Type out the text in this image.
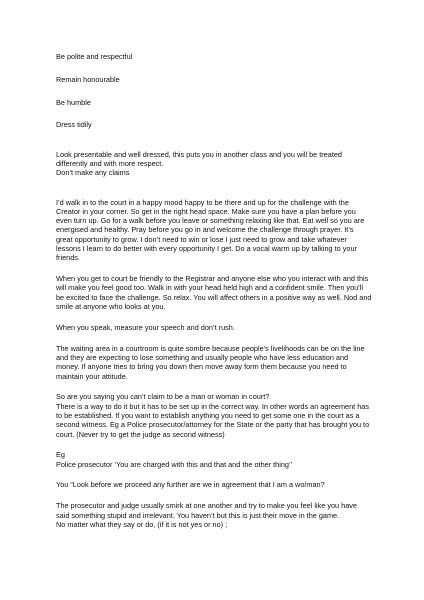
Be polite and respectful

Remain honourable

Be humble

Dress tidily

Look presentable and well dressed, this puts you in another class and you will be treated differently and with more respect.

Don’t make any claims

I’d walk in to the court in a happy mood happy to be there and up for the challenge with the Creator in your corner. So get in the right head space. Make sure you have a plan before you even turn up. Go for a walk before you leave or something relaxing like that. Eat well so you are energised and healthy. Pray before you go in and welcome the challenge through prayer. It’s great opportunity to grow. I don’t need to win or lose I just need to grow and take whatever lessons I learn to do better with every opportunity I get. Do a vocal warm up by talking to your friends.

When you get to court be friendly to the Registrar and anyone else who you interact with and this will make you feel good too. Walk in with your head held high and a confident smile. Then you’ll be excited to face the challenge. So relax. You will affect others in a positive way as well. Nod and smile at anyone who looks at you.

When you speak, measure your speech and don’t rush.

The waiting area in a courtroom is quite sombre because people’s livelihoods can be on the line and they are expecting to lose something and usually people who have less education and money. If anyone tries to bring you down then move away form them because you need to maintain your attitude.

So are you saying you can’t claim to be a man or woman in court?

There is a way to do it but it has to be set up in the correct way. In other words an agreement has to be established. If you want to establish anything you need to get some one in the court as a second witness. Eg a Police prosecutor/attorney for the State or the party that has brought you to court. (Never try to get the judge as second witness)

Eg

Police prosecutor ‘You are charged with this and that and the other thing’’

You “Look before we proceed any further are we in agreement that I am a wo/man?

The prosecutor and judge usually smirk at one another and try to make you feel like you have said something stupid and irrelevant. You haven’t but this is just their move in the game.

No matter what they say or do, (if it is not yes or no) ;
